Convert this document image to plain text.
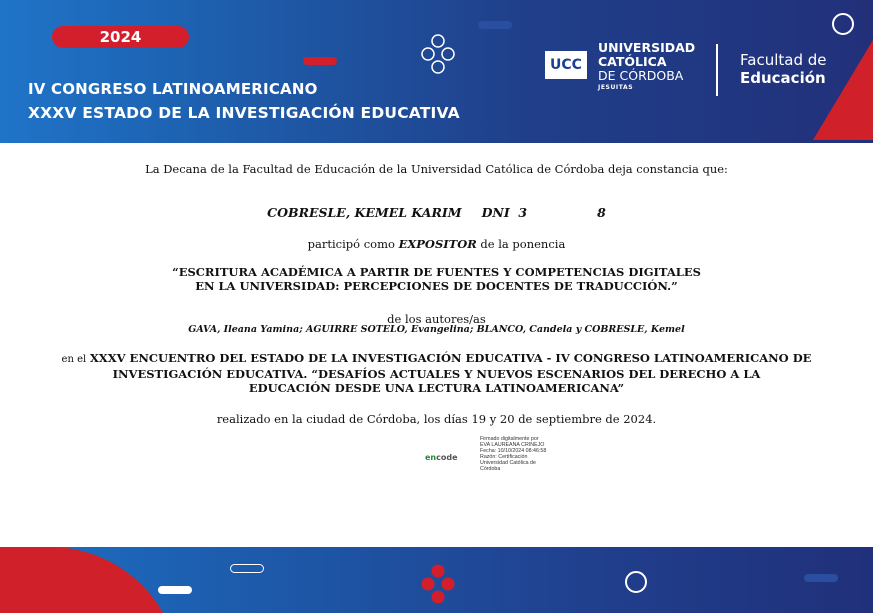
2024
IV CONGRESO LATINOAMERICANO
XXXV ESTADO DE LA INVESTIGACIÓN EDUCATIVA
UCC
UNIVERSIDAD
CATÓLICA
DE CÓRDOBA
JESUITAS
Facultad de
Educación
La Decana de la Facultad de Educación de la Universidad Católica de Córdoba deja constancia que:
COBRESLE, KEMEL KARIM DNI 3	8
participó como EXPOSITOR de la ponencia
“ESCRITURA ACADÉMICA A PARTIR DE FUENTES Y COMPETENCIAS DIGITALES
EN LA UNIVERSIDAD: PERCEPCIONES DE DOCENTES DE TRADUCCIÓN.”
de los autores/as
GAVA, Ileana Yamina; AGUIRRE SOTELO, Evangelina; BLANCO, Candela y COBRESLE, Kemel
en el XXXV ENCUENTRO DEL ESTADO DE LA INVESTIGACIÓN EDUCATIVA - IV CONGRESO LATINOAMERICANO DE
INVESTIGACIÓN EDUCATIVA. “DESAFÍOS ACTUALES Y NUEVOS ESCENARIOS DEL DERECHO A LA
EDUCACIÓN DESDE UNA LECTURA LATINOAMERICANA”
realizado en la ciudad de Córdoba, los días 19 y 20 de septiembre de 2024.
encode
Firmado digitalmente por
EVA LAUREANA CRINEJO
Fecha: 10/10/2024 08:46:58
Razón: Certificación
Universidad Católica de
Córdoba
